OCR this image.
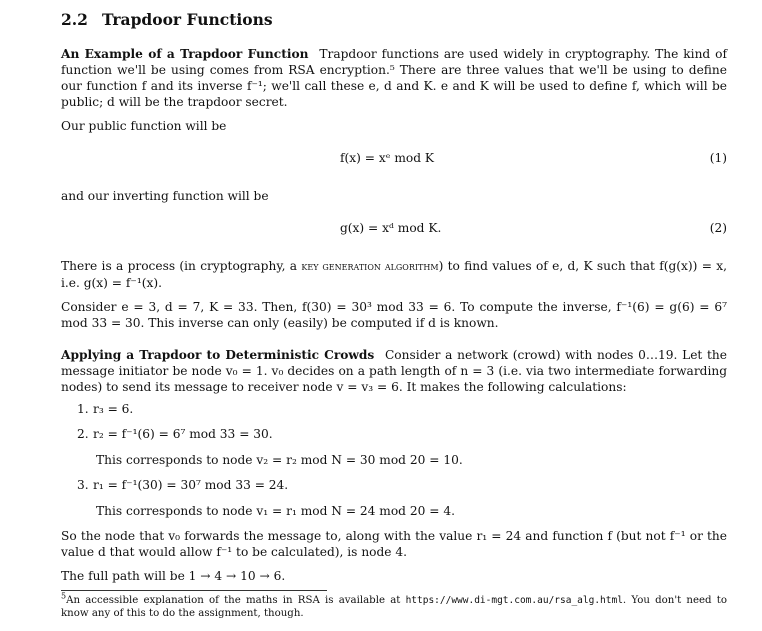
2.2 Trapdoor Functions

An Example of a Trapdoor Function Trapdoor functions are used widely in cryptography. The kind of function we'll be using comes from RSA encryption.⁵ There are three values that we'll be using to define our function f and its inverse f⁻¹; we'll call these e, d and K. e and K will be used to define f, which will be public; d will be the trapdoor secret.

Our public function will be

f(x) = xᵉ mod K	(1)

and our inverting function will be

g(x) = xᵈ mod K.	(2)

There is a process (in cryptography, a key generation algorithm) to find values of e, d, K such that f(g(x)) = x, i.e. g(x) = f⁻¹(x).

Consider e = 3, d = 7, K = 33. Then, f(30) = 30³ mod 33 = 6. To compute the inverse, f⁻¹(6) = g(6) = 6⁷ mod 33 = 30. This inverse can only (easily) be computed if d is known.

Applying a Trapdoor to Deterministic Crowds Consider a network (crowd) with nodes 0…19. Let the message initiator be node v₀ = 1. v₀ decides on a path length of n = 3 (i.e. via two intermediate forwarding nodes) to send its message to receiver node v = v₃ = 6. It makes the following calculations:

1. r₃ = 6.
2. r₂ = f⁻¹(6) = 6⁷ mod 33 = 30.
This corresponds to node v₂ = r₂ mod N = 30 mod 20 = 10.
3. r₁ = f⁻¹(30) = 30⁷ mod 33 = 24.
This corresponds to node v₁ = r₁ mod N = 24 mod 20 = 4.

So the node that v₀ forwards the message to, along with the value r₁ = 24 and function f (but not f⁻¹ or the value d that would allow f⁻¹ to be calculated), is node 4.

The full path will be 1 → 4 → 10 → 6.

$^5$An accessible explanation of the maths in RSA is available at https://www.di-mgt.com.au/rsa_alg.html. You don't need to know any of this to do the assignment, though.
